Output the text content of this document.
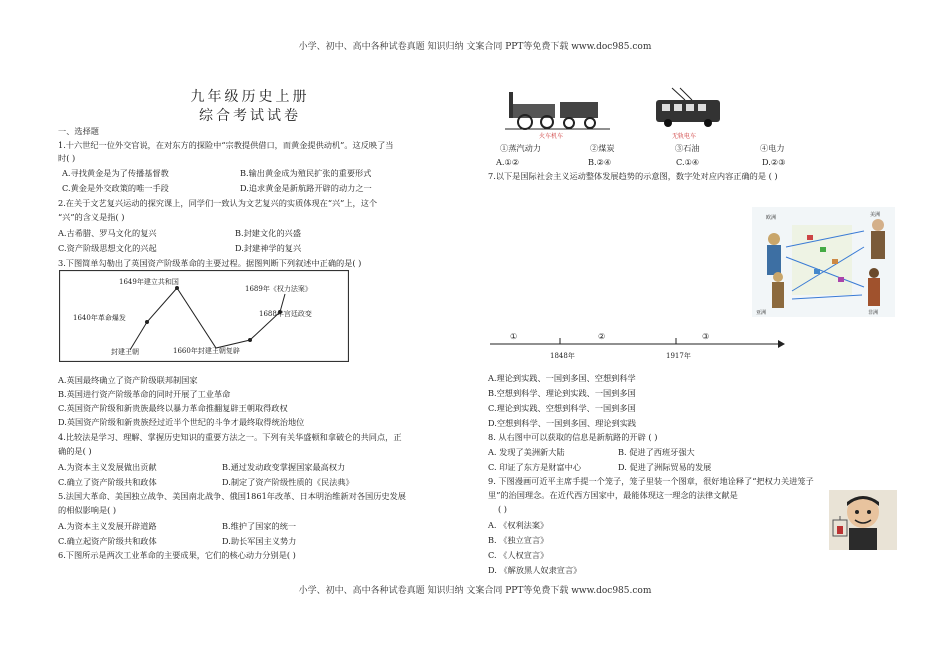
小学、初中、高中各种试卷真题 知识归纳 文案合同 PPT等免费下载 www.doc985.com
九年级历史上册
综合考试试卷
一、选择题
1.十六世纪一位外交官说，在对东方的探险中“宗教提供借口，而黄金提供动机”。这反映了当
时( )
A.寻找黄金是为了传播基督教	B.输出黄金成为殖民扩张的重要形式
C.黄金是外交政策的唯一手段	D.追求黄金是新航路开辟的动力之一
2.在关于文艺复兴运动的探究课上，同学们一致认为文艺复兴的实质体现在“兴”上，这个
“兴”的含义是指( )
A.古希腊、罗马文化的复兴	B.封建文化的兴盛
C.资产阶级思想文化的兴起	D.封建神学的复兴
3.下图简单勾勒出了英国资产阶级革命的主要过程。据图判断下列叙述中正确的是( )
封建王朝
1640年革命爆发
1649年建立共和国
1660年封建王朝复辟
1688年宫廷政变
1689年《权力法案》
A.英国最终确立了资产阶级联邦制国家
B.英国进行资产阶级革命的同时开展了工业革命
C.英国资产阶级和新贵族最终以暴力革命推翻复辟王朝取得政权
D.英国资产阶级和新贵族经过近半个世纪的斗争才最终取得统治地位
4.比较法是学习、理解、掌握历史知识的重要方法之一。下列有关华盛顿和拿破仑的共同点，正
确的是( )
A.为资本主义发展做出贡献	B.通过发动政变掌握国家最高权力
C.确立了资产阶级共和政体	D.制定了资产阶级性质的《民法典》
5.法国大革命、美国独立战争、美国南北战争、俄国1861年改革、日本明治维新对各国历史发展
的相似影响是( )
A.为资本主义发展开辟道路	B.维护了国家的统一
C.确立起资产阶级共和政体	D.助长军国主义势力
6.下图所示是两次工业革命的主要成果，它们的核心动力分别是( )
火车机车	无轨电车
①蒸汽动力	②煤炭	③石油	④电力
A.①②	B.②④	C.①④	D.②③
7.以下是国际社会主义运动整体发展趋势的示意图，数字处对应内容正确的是 ( )
欧洲	美洲
亚洲	非洲
①	②	③
1848年	1917年
A.理论到实践、一国到多国、空想到科学
B.空想到科学、理论到实践、一国到多国
C.理论到实践、空想到科学、一国到多国
D.空想到科学、一国到多国、理论到实践
8. 从右图中可以获取的信息是新航路的开辟 ( )
A. 发现了美洲新大陆	B. 促进了西班牙强大
C. 印证了东方是财富中心	D. 促进了洲际贸易的发展
9. 下图漫画可近平主席手提一个笼子，笼子里装一个图章，很好地诠释了“把权力关进笼子
里”的治国理念。在近代西方国家中，最能体现这一理念的法律文献是
( )
A. 《权利法案》
B. 《独立宣言》
C. 《人权宣言》
D. 《解放黑人奴隶宣言》
小学、初中、高中各种试卷真题 知识归纳 文案合同 PPT等免费下载 www.doc985.com
